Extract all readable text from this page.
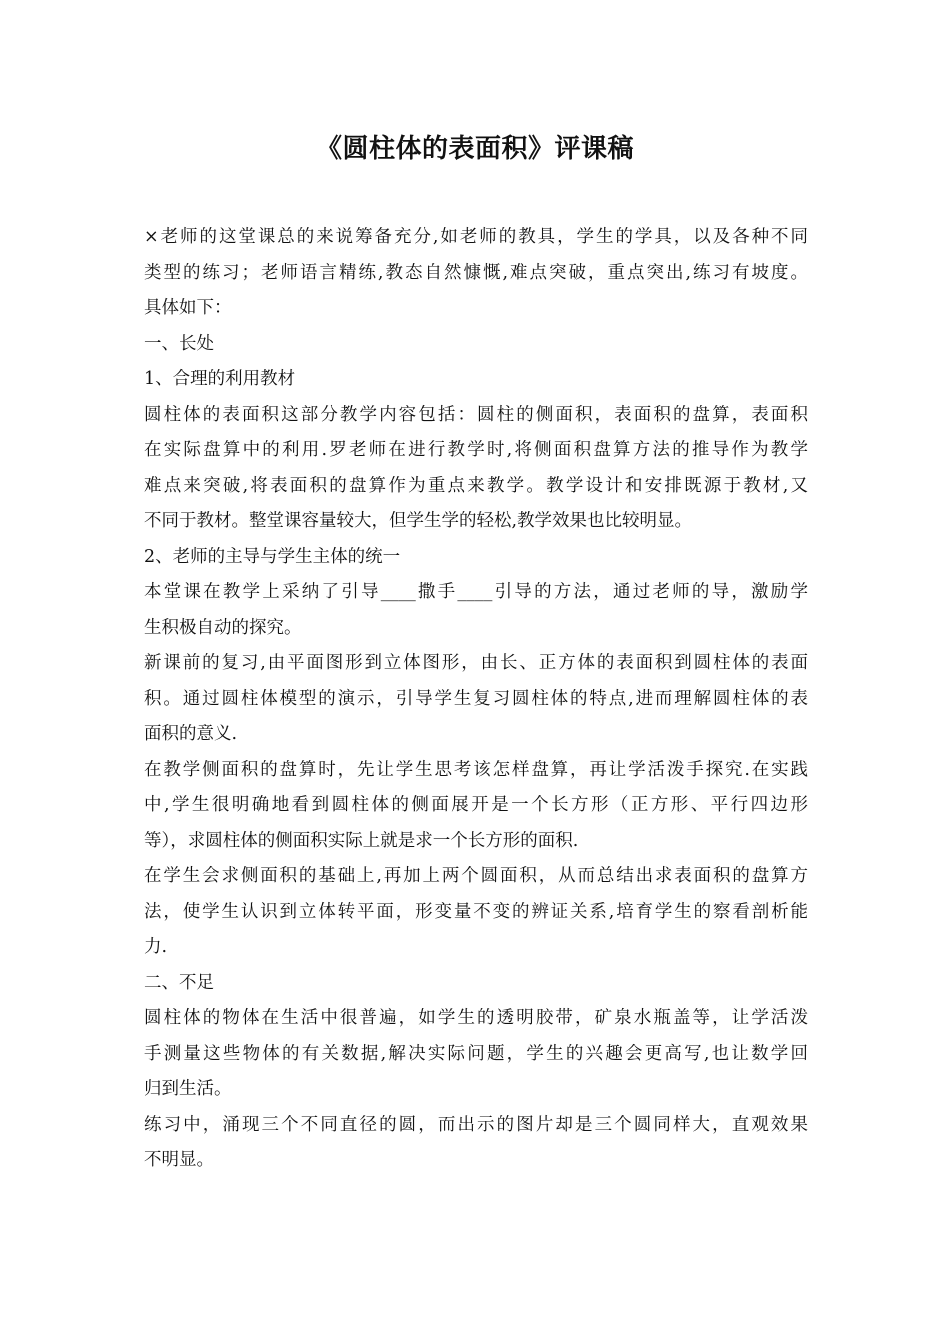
《圆柱体的表面积》评课稿
×老师的这堂课总的来说筹备充分,如老师的教具，学生的学具，以及各种不同
类型的练习；老师语言精练,教态自然慷慨,难点突破，重点突出,练习有坡度。
具体如下：
一、长处
1、合理的利用教材
圆柱体的表面积这部分教学内容包括：圆柱的侧面积，表面积的盘算，表面积
在实际盘算中的利用.罗老师在进行教学时,将侧面积盘算方法的推导作为教学
难点来突破,将表面积的盘算作为重点来教学。教学设计和安排既源于教材,又
不同于教材。整堂课容量较大，但学生学的轻松,教学效果也比较明显。
2、老师的主导与学生主体的统一
本堂课在教学上采纳了引导____撒手____引导的方法，通过老师的导，激励学
生积极自动的探究。
新课前的复习,由平面图形到立体图形，由长、正方体的表面积到圆柱体的表面
积。通过圆柱体模型的演示，引导学生复习圆柱体的特点,进而理解圆柱体的表
面积的意义.
在教学侧面积的盘算时，先让学生思考该怎样盘算，再让学活泼手探究.在实践
中,学生很明确地看到圆柱体的侧面展开是一个长方形（正方形、平行四边形
等），求圆柱体的侧面积实际上就是求一个长方形的面积.
在学生会求侧面积的基础上,再加上两个圆面积，从而总结出求表面积的盘算方
法，使学生认识到立体转平面，形变量不变的辨证关系,培育学生的察看剖析能
力.
二、不足
圆柱体的物体在生活中很普遍，如学生的透明胶带，矿泉水瓶盖等，让学活泼
手测量这些物体的有关数据,解决实际问题，学生的兴趣会更高写,也让数学回
归到生活。
练习中，涌现三个不同直径的圆，而出示的图片却是三个圆同样大，直观效果
不明显。
